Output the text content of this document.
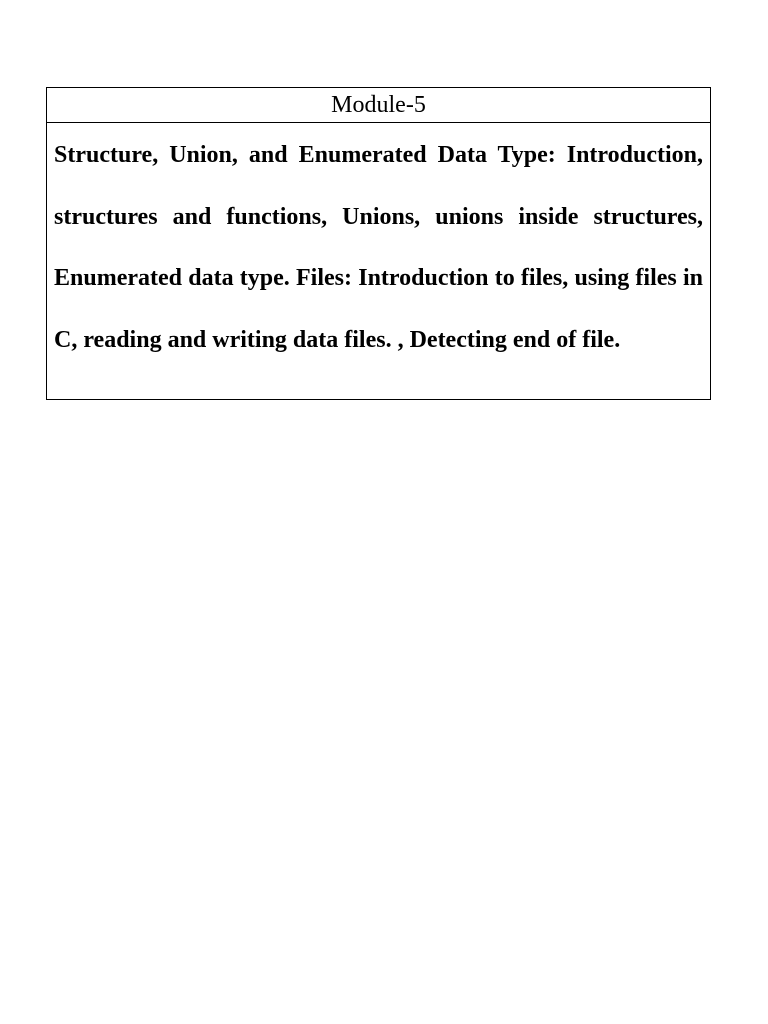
Module-5

Structure, Union, and Enumerated Data Type: Introduction, structures and functions, Unions, unions inside structures, Enumerated data type. Files: Introduction to files, using files in C, reading and writing data files. , Detecting end of file.
